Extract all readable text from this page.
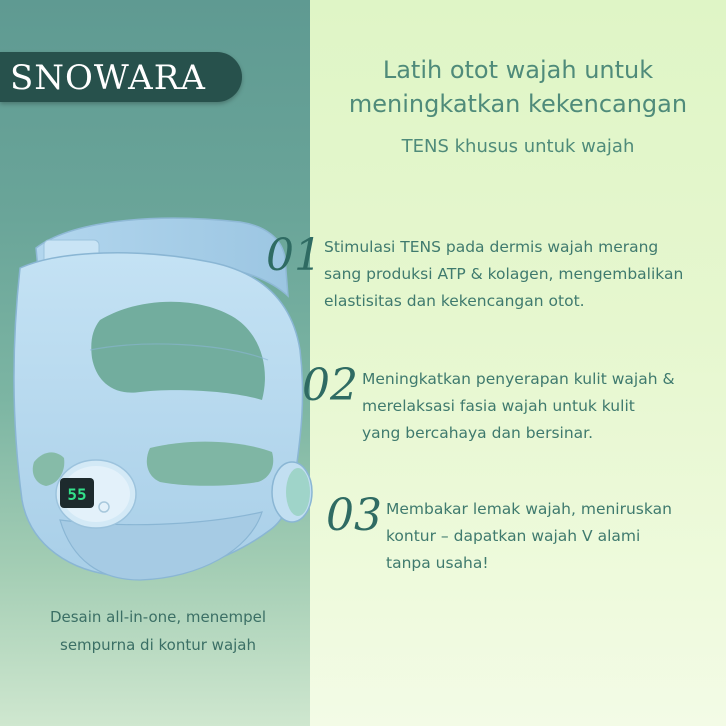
55
SNOWARA	Latih otot wajah untuk
meningkatkan kekencangan
TENS khusus untuk wajah
01 Stimulasi TENS pada dermis wajah merang
sang produksi ATP & kolagen, mengembalikan
elastisitas dan kekencangan otot.
02 Meningkatkan penyerapan kulit wajah &
merelaksasi fasia wajah untuk kulit
yang bercahaya dan bersinar.
03 Membakar lemak wajah, meniruskan
kontur – dapatkan wajah V alami
tanpa usaha!
Desain all-in-one, menempel
sempurna di kontur wajah
